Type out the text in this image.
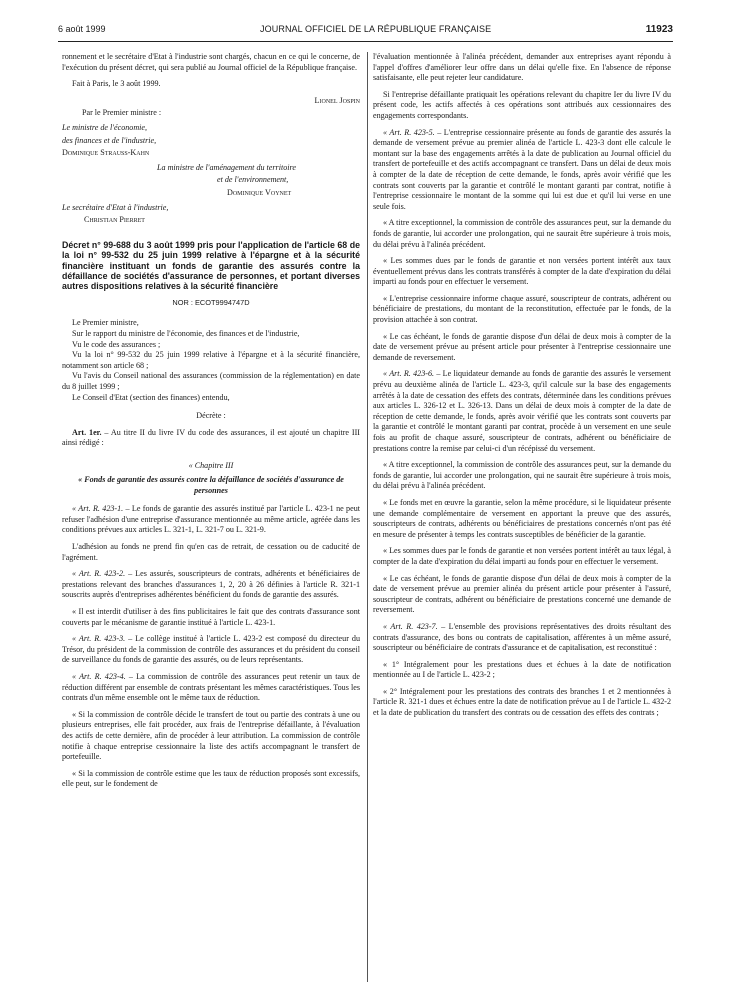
6 août 1999	JOURNAL OFFICIEL DE LA RÉPUBLIQUE FRANÇAISE	11923

ronnement et le secrétaire d'Etat à l'industrie sont chargés, chacun en ce qui le concerne, de l'exécution du présent décret, qui sera publié au Journal officiel de la République française.

Fait à Paris, le 3 août 1999.

Lionel Jospin

Par le Premier ministre :

Le ministre de l'économie,

des finances et de l'industrie,

Dominique Strauss-Kahn

La ministre de l'aménagement du territoire

et de l'environnement,

Dominique Voynet

Le secrétaire d'Etat à l'industrie,

Christian Pierret

Décret n° 99-688 du 3 août 1999 pris pour l'application de l'article 68 de la loi n° 99-532 du 25 juin 1999 relative à l'épargne et à la sécurité financière instituant un fonds de garantie des assurés contre la défaillance de sociétés d'assurance de personnes, et portant diverses autres dispositions relatives à la sécurité financière

NOR : ECOT9994747D

Le Premier ministre,

Sur le rapport du ministre de l'économie, des finances et de l'industrie,

Vu le code des assurances ;

Vu la loi n° 99-532 du 25 juin 1999 relative à l'épargne et à la sécurité financière, notamment son article 68 ;

Vu l'avis du Conseil national des assurances (commission de la réglementation) en date du 8 juillet 1999 ;

Le Conseil d'Etat (section des finances) entendu,

Décrète :

Art. 1er. – Au titre II du livre IV du code des assurances, il est ajouté un chapitre III ainsi rédigé :

« Chapitre III

« Fonds de garantie des assurés contre la défaillance de sociétés d'assurance de personnes

« Art. R. 423-1. – Le fonds de garantie des assurés institué par l'article L. 423-1 ne peut refuser l'adhésion d'une entreprise d'assurance mentionnée au même article, agréée dans les conditions prévues aux articles L. 321-1, L. 321-7 ou L. 321-9.

L'adhésion au fonds ne prend fin qu'en cas de retrait, de cessation ou de caducité de l'agrément.

« Art. R. 423-2. – Les assurés, souscripteurs de contrats, adhérents et bénéficiaires de prestations relevant des branches d'assurances 1, 2, 20 à 26 définies à l'article R. 321-1 souscrits auprès d'entreprises adhérentes bénéficient du fonds de garantie des assurés.

« Il est interdit d'utiliser à des fins publicitaires le fait que des contrats d'assurance sont couverts par le mécanisme de garantie institué à l'article L. 423-1.

« Art. R. 423-3. – Le collège institué à l'article L. 423-2 est composé du directeur du Trésor, du président de la commission de contrôle des assurances et du président du conseil de surveillance du fonds de garantie des assurés, ou de leurs représentants.

« Art. R. 423-4. – La commission de contrôle des assurances peut retenir un taux de réduction différent par ensemble de contrats présentant les mêmes caractéristiques. Tous les contrats d'un même ensemble ont le même taux de réduction.

« Si la commission de contrôle décide le transfert de tout ou partie des contrats à une ou plusieurs entreprises, elle fait procéder, aux frais de l'entreprise défaillante, à l'évaluation des actifs de cette dernière, afin de procéder à leur attribution. La commission de contrôle notifie à chaque entreprise cessionnaire la liste des actifs accompagnant le transfert de portefeuille.

« Si la commission de contrôle estime que les taux de réduction proposés sont excessifs, elle peut, sur le fondement de

l'évaluation mentionnée à l'alinéa précédent, demander aux entreprises ayant répondu à l'appel d'offres d'améliorer leur offre dans un délai qu'elle fixe. En l'absence de réponse satisfaisante, elle peut rejeter leur candidature.

Si l'entreprise défaillante pratiquait les opérations relevant du chapitre Ier du livre IV du présent code, les actifs affectés à ces opérations sont attribués aux cessionnaires des engagements correspondants.

« Art. R. 423-5. – L'entreprise cessionnaire présente au fonds de garantie des assurés la demande de versement prévue au premier alinéa de l'article L. 423-3 dont elle calcule le montant sur la base des engagements arrêtés à la date de publication au Journal officiel du transfert de portefeuille et des actifs accompagnant ce transfert. Dans un délai de deux mois à compter de la date de réception de cette demande, le fonds, après avoir vérifié que les contrats sont couverts par la garantie et contrôlé le montant garanti par contrat, notifie à l'entreprise cessionnaire le montant de la somme qui lui est due et qu'il lui verse en une seule fois.

« A titre exceptionnel, la commission de contrôle des assurances peut, sur la demande du fonds de garantie, lui accorder une prolongation, qui ne saurait être supérieure à trois mois, du délai prévu à l'alinéa précédent.

« Les sommes dues par le fonds de garantie et non versées portent intérêt aux taux éventuellement prévus dans les contrats transférés à compter de la date d'expiration du délai imparti au fonds pour en effectuer le versement.

« L'entreprise cessionnaire informe chaque assuré, souscripteur de contrats, adhérent ou bénéficiaire de prestations, du montant de la reconstitution, effectuée par le fonds, de la provision attachée à son contrat.

« Le cas échéant, le fonds de garantie dispose d'un délai de deux mois à compter de la date de versement prévue au présent article pour présenter à l'entreprise cessionnaire une demande de reversement.

« Art. R. 423-6. – Le liquidateur demande au fonds de garantie des assurés le versement prévu au deuxième alinéa de l'article L. 423-3, qu'il calcule sur la base des engagements arrêtés à la date de cessation des effets des contrats, déterminée dans les conditions prévues aux articles L. 326-12 et L. 326-13. Dans un délai de deux mois à compter de la date de réception de cette demande, le fonds, après avoir vérifié que les contrats sont couverts par la garantie et contrôlé le montant garanti par contrat, procède à un versement en une seule fois au profit de chaque assuré, souscripteur de contrats, adhérent ou bénéficiaire de prestations contre la remise par celui-ci d'un récépissé du versement.

« A titre exceptionnel, la commission de contrôle des assurances peut, sur la demande du fonds de garantie, lui accorder une prolongation, qui ne saurait être supérieure à trois mois, du délai prévu à l'alinéa précédent.

« Le fonds met en œuvre la garantie, selon la même procédure, si le liquidateur présente une demande complémentaire de versement en apportant la preuve que des assurés, souscripteurs de contrats, adhérents ou bénéficiaires de prestations concernés n'ont pas été en mesure de présenter à temps les contrats susceptibles de bénéficier de la garantie.

« Les sommes dues par le fonds de garantie et non versées portent intérêt au taux légal, à compter de la date d'expiration du délai imparti au fonds pour en effectuer le versement.

« Le cas échéant, le fonds de garantie dispose d'un délai de deux mois à compter de la date de versement prévue au premier alinéa du présent article pour présenter à l'assuré, souscripteur de contrats, adhérent ou bénéficiaire de prestations concerné une demande de reversement.

« Art. R. 423-7. – L'ensemble des provisions représentatives des droits résultant des contrats d'assurance, des bons ou contrats de capitalisation, afférentes à un même assuré, souscripteur ou bénéficiaire de contrats d'assurance et de capitalisation, est reconstitué :

« 1° Intégralement pour les prestations dues et échues à la date de notification mentionnée au I de l'article L. 423-2 ;

« 2° Intégralement pour les prestations des contrats des branches 1 et 2 mentionnées à l'article R. 321-1 dues et échues entre la date de notification prévue au I de l'article L. 432-2 et la date de publication du transfert des contrats ou de cessation des effets des contrats ;
